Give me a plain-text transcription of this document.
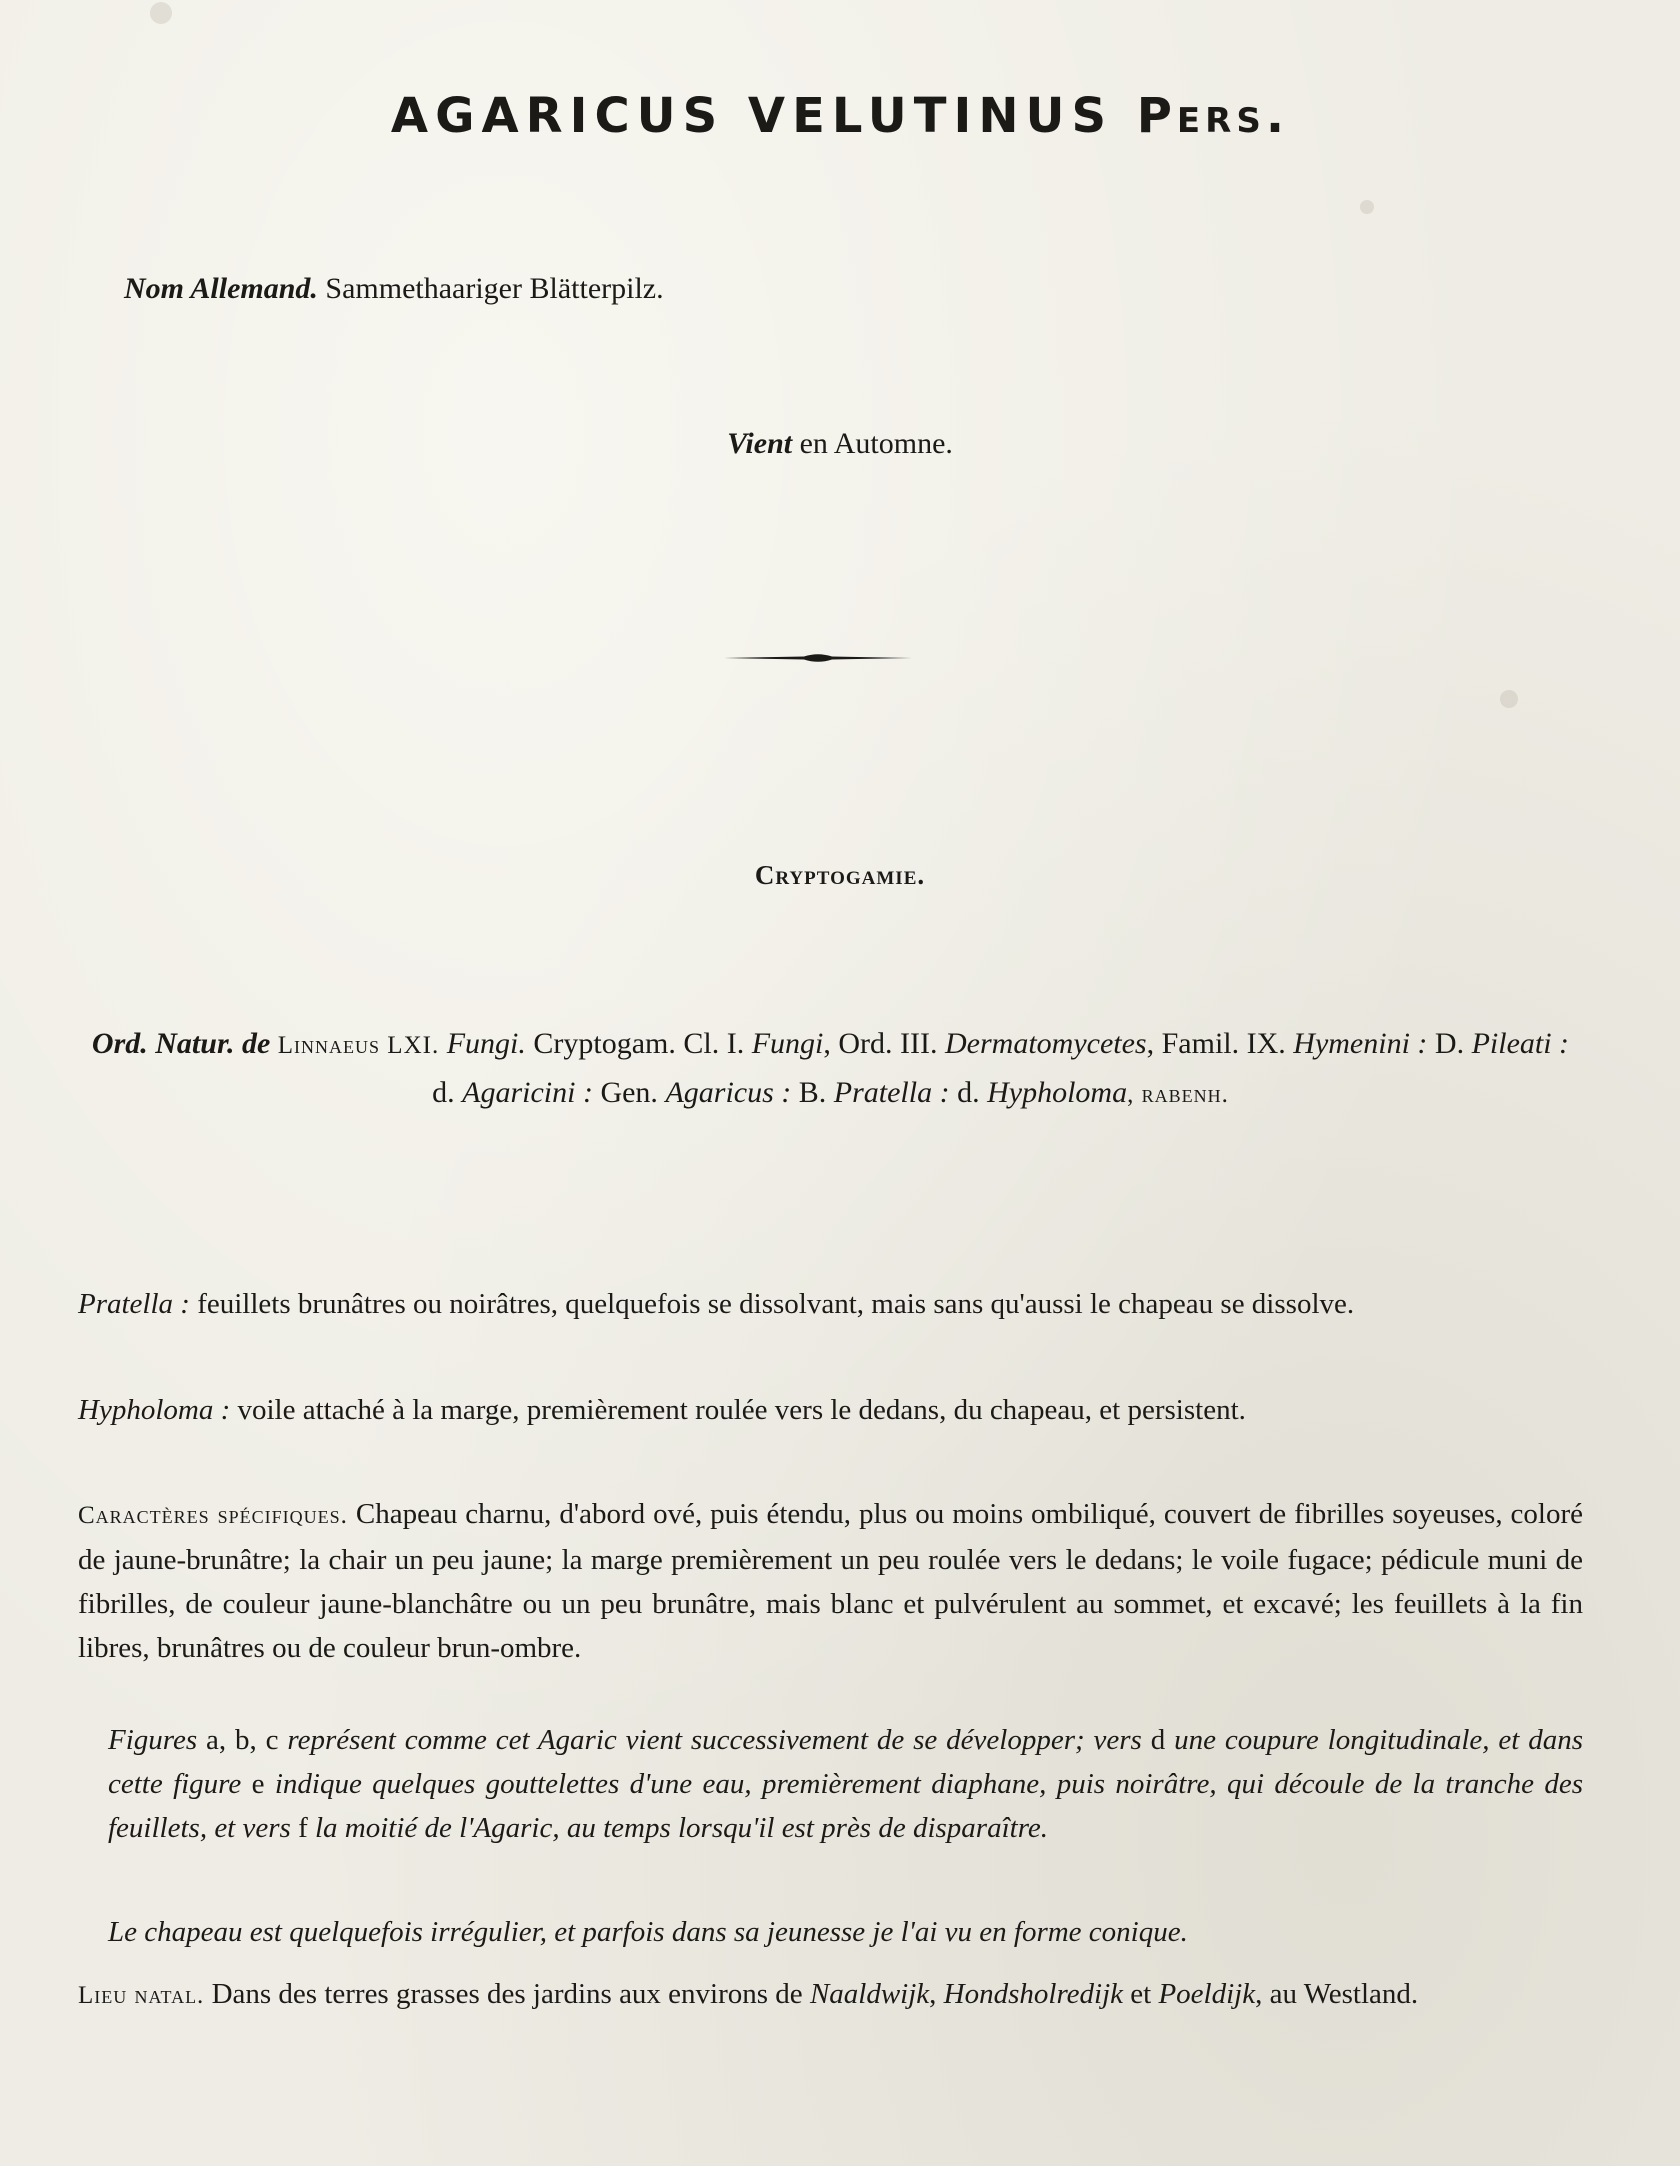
AGARICUS VELUTINUS Pers.
Nom Allemand. Sammethaariger Blätterpilz.
Vient en Automne.
Cryptogamie.
Ord. Natur. de Linnaeus LXI. Fungi. Cryptogam. Cl. I. Fungi, Ord. III. Dermatomycetes, Famil. IX. Hymenini : D. Pileati : d. Agaricini : Gen. Agaricus : B. Pratella : d. Hypholoma, rabenh.
Pratella : feuillets brunâtres ou noirâtres, quelquefois se dissolvant, mais sans qu'aussi le chapeau se dissolve.
Hypholoma : voile attaché à la marge, premièrement roulée vers le dedans, du chapeau, et persistent.
Caractères spécifiques. Chapeau charnu, d'abord ové, puis étendu, plus ou moins ombiliqué, couvert de fibrilles soyeuses, coloré de jaune-brunâtre; la chair un peu jaune; la marge premièrement un peu roulée vers le dedans; le voile fugace; pédicule muni de fibrilles, de couleur jaune-blanchâtre ou un peu brunâtre, mais blanc et pulvérulent au sommet, et excavé; les feuillets à la fin libres, brunâtres ou de couleur brun-ombre.
Figures a, b, c représent comme cet Agaric vient successivement de se développer; vers d une coupure longitudinale, et dans cette figure e indique quelques gouttelettes d'une eau, premièrement diaphane, puis noirâtre, qui découle de la tranche des feuillets, et vers f la moitié de l'Agaric, au temps lorsqu'il est près de disparaître.
Le chapeau est quelquefois irrégulier, et parfois dans sa jeunesse je l'ai vu en forme conique.
Lieu natal. Dans des terres grasses des jardins aux environs de Naaldwijk, Hondsholredijk et Poeldijk, au Westland.
